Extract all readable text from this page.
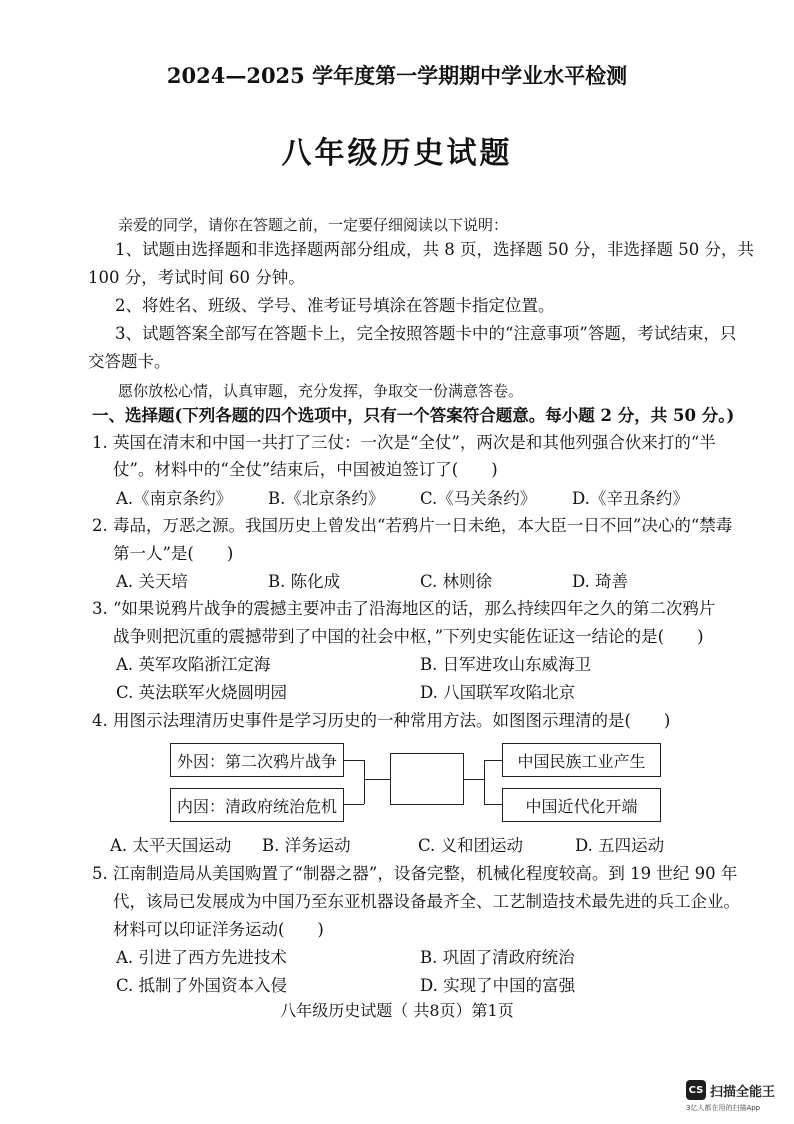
2024—2025 学年度第一学期期中学业水平检测
八年级历史试题
亲爱的同学，请你在答题之前，一定要仔细阅读以下说明：
1、试题由选择题和非选择题两部分组成，共 8 页，选择题 50 分，非选择题 50 分，共
100 分，考试时间 60 分钟。
2、将姓名、班级、学号、准考证号填涂在答题卡指定位置。
3、试题答案全部写在答题卡上，完全按照答题卡中的“注意事项”答题，考试结束，只
交答题卡。
愿你放松心情，认真审题，充分发挥，争取交一份满意答卷。
一、选择题(下列各题的四个选项中，只有一个答案符合题意。每小题 2 分，共 50 分。)
1. 英国在清末和中国一共打了三仗：一次是“全仗”，两次是和其他列强合伙来打的“半
仗”。材料中的“全仗”结束后，中国被迫签订了(　　)
A.《南京条约》 B.《北京条约》 C.《马关条约》 D.《辛丑条约》
2. 毒品，万恶之源。我国历史上曾发出“若鸦片一日未绝，本大臣一日不回”决心的“禁毒
第一人”是(　　)
A. 关天培	B. 陈化成	C. 林则徐	D. 琦善
3. “如果说鸦片战争的震撼主要冲击了沿海地区的话，那么持续四年之久的第二次鸦片
战争则把沉重的震撼带到了中国的社会中枢，”下列史实能佐证这一结论的是(　　)
A. 英军攻陷浙江定海	B. 日军进攻山东威海卫
C. 英法联军火烧圆明园	D. 八国联军攻陷北京
4. 用图示法理清历史事件是学习历史的一种常用方法。如图图示理清的是(　　)
外因：第二次鸦片战争
内因：清政府统治危机
中国民族工业产生
中国近代化开端
A. 太平天国运动 B. 洋务运动	C. 义和团运动	D. 五四运动
5. 江南制造局从美国购置了“制器之器”，设备完整，机械化程度较高。到 19 世纪 90 年
代，该局已发展成为中国乃至东亚机器设备最齐全、工艺制造技术最先进的兵工企业。
材料可以印证洋务运动(　　)
A. 引进了西方先进技术	B. 巩固了清政府统治
C. 抵制了外国资本入侵	D. 实现了中国的富强
八年级历史试题（ 共8页）第1页
CS 扫描全能王
3亿人都在用的扫描App
